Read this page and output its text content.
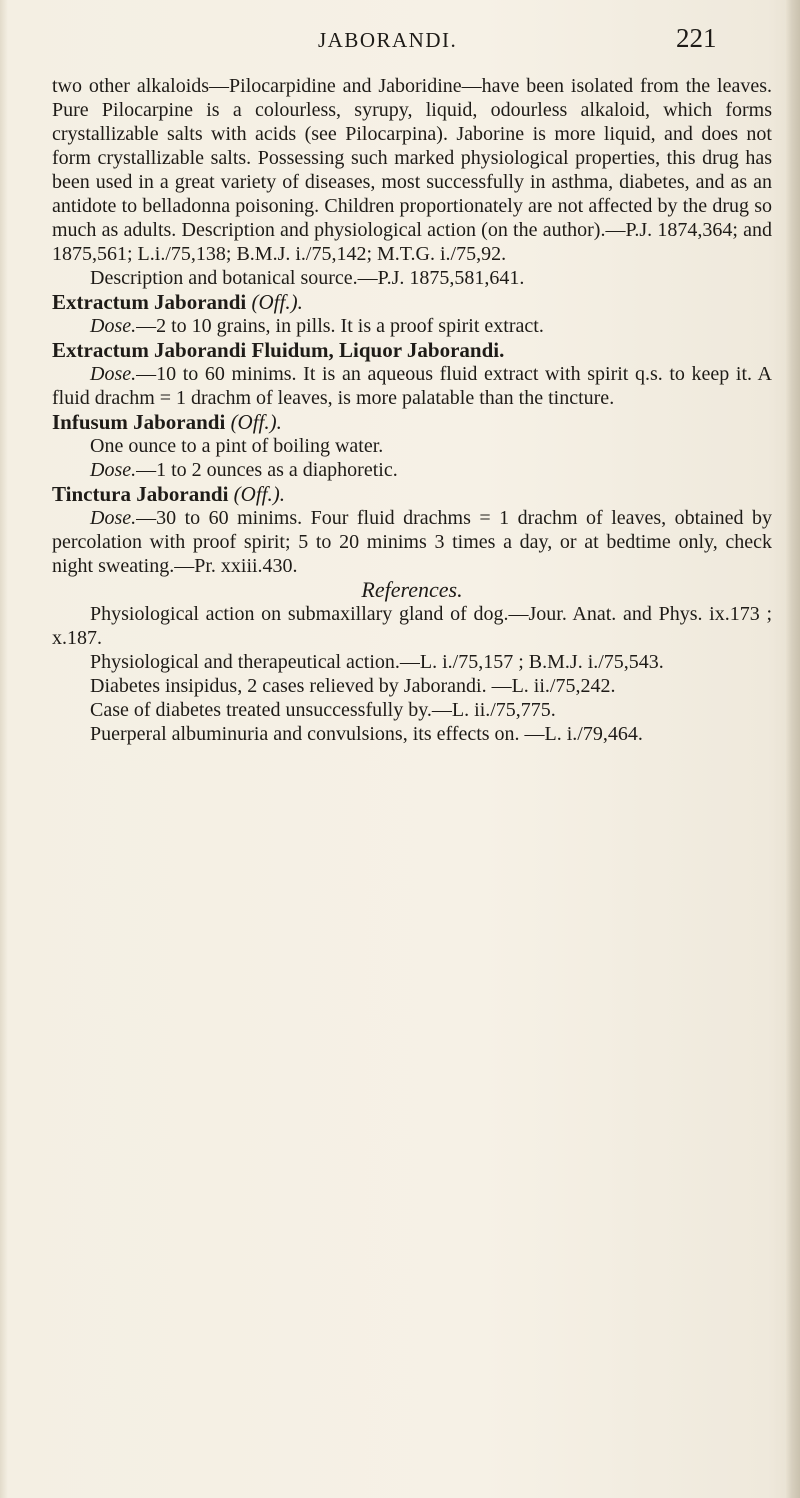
JABORANDI.	221

two other alkaloids—Pilocarpidine and Jaboridine—have been isolated from the leaves. Pure Pilocarpine is a colourless, syrupy, liquid, odourless alkaloid, which forms crystallizable salts with acids (see Pilocarpina). Jaborine is more liquid, and does not form crystallizable salts. Possessing such marked physiological properties, this drug has been used in a great variety of diseases, most successfully in asthma, diabetes, and as an antidote to belladonna poisoning. Children proportionately are not affected by the drug so much as adults. Description and physiological action (on the author).—P.J. 1874,364; and 1875,561; L.i./75,138; B.M.J. i./75,142; M.T.G. i./75,92.

Description and botanical source.—P.J. 1875,581,641.

Extractum Jaborandi (Off.).

Dose.—2 to 10 grains, in pills. It is a proof spirit extract.

Extractum Jaborandi Fluidum, Liquor Jaborandi.

Dose.—10 to 60 minims. It is an aqueous fluid extract with spirit q.s. to keep it. A fluid drachm = 1 drachm of leaves, is more palatable than the tincture.

Infusum Jaborandi (Off.).

One ounce to a pint of boiling water.

Dose.—1 to 2 ounces as a diaphoretic.

Tinctura Jaborandi (Off.).

Dose.—30 to 60 minims. Four fluid drachms = 1 drachm of leaves, obtained by percolation with proof spirit; 5 to 20 minims 3 times a day, or at bedtime only, check night sweating.—Pr. xxiii.430.

References.

Physiological action on submaxillary gland of dog.—Jour. Anat. and Phys. ix.173 ; x.187.

Physiological and therapeutical action.—L. i./75,157 ; B.M.J. i./75,543.

Diabetes insipidus, 2 cases relieved by Jaborandi. —L. ii./75,242.

Case of diabetes treated unsuccessfully by.—L. ii./75,775.

Puerperal albuminuria and convulsions, its effects on. —L. i./79,464.
